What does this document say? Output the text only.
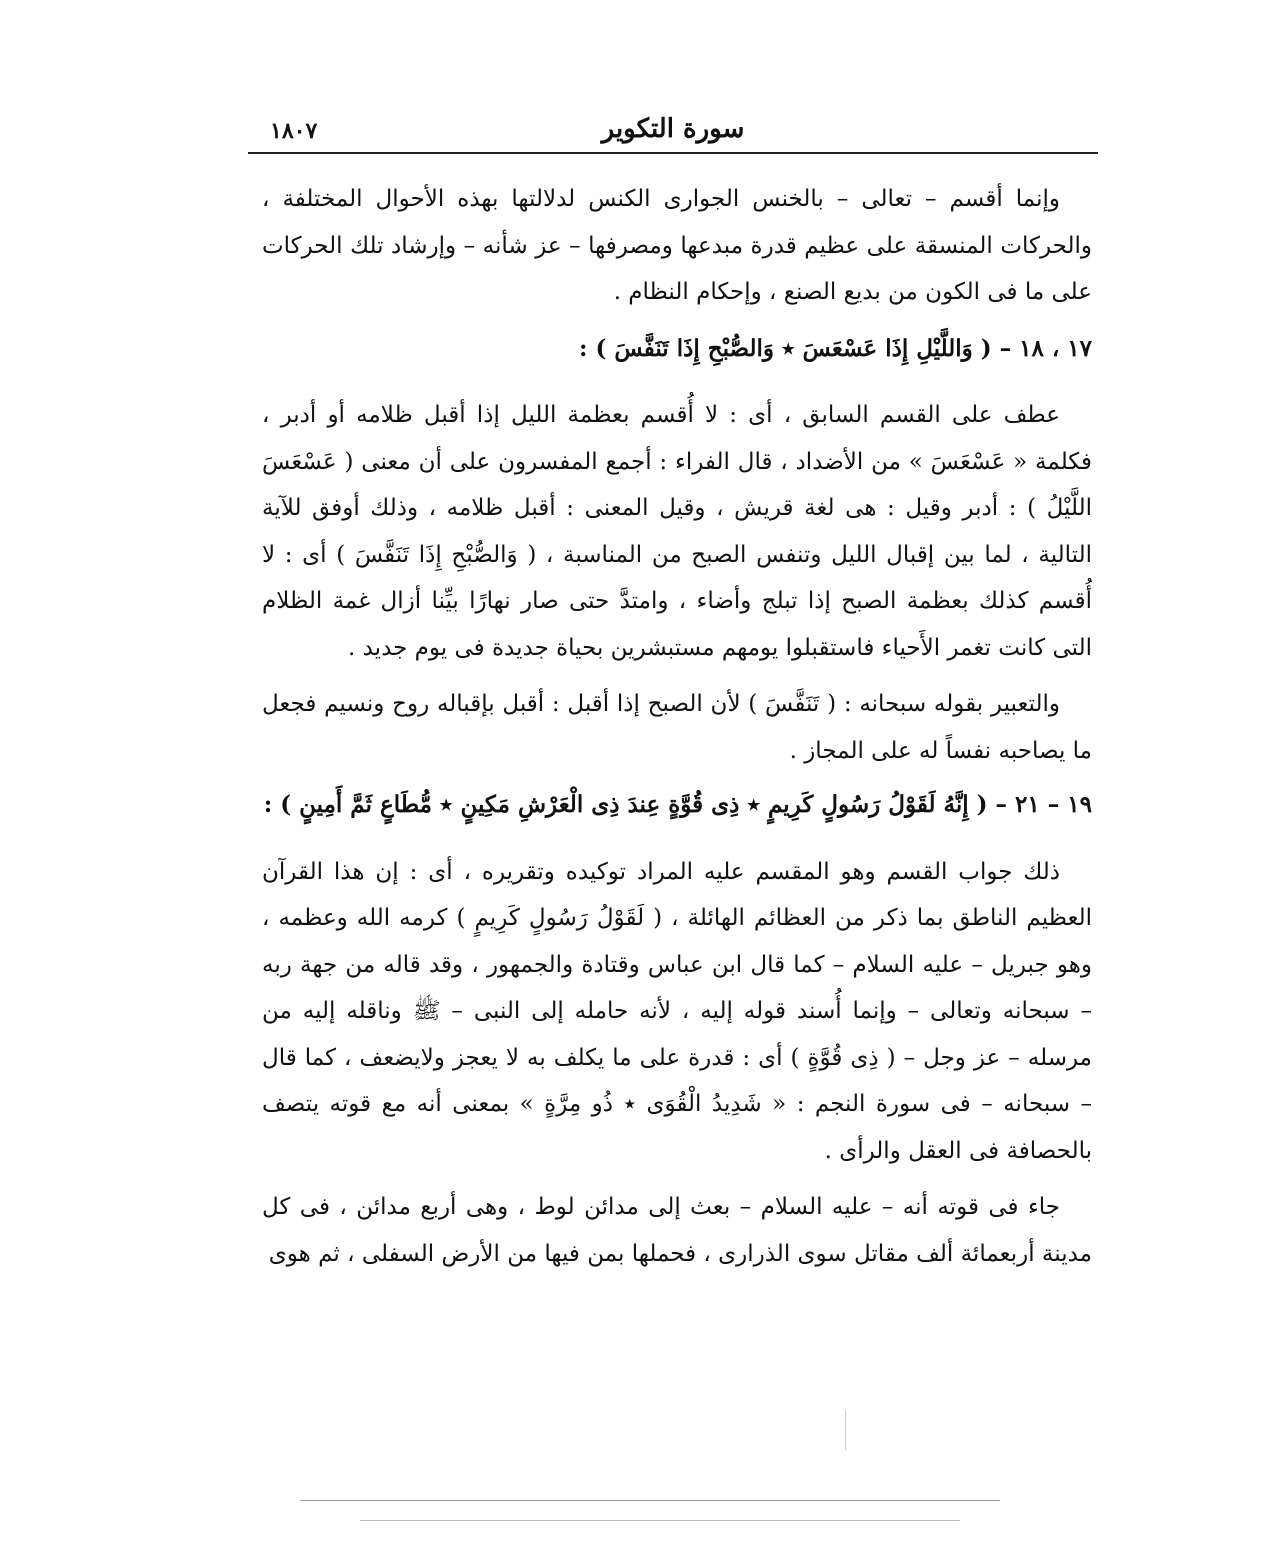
سورة التكوير
١٨٠٧

وإنما أقسم – تعالى – بالخنس الجوارى الكنس لدلالتها بهذه الأحوال المختلفة ، والحركات المنسقة على عظيم قدرة مبدعها ومصرفها – عز شأنه – وإرشاد تلك الحركات على ما فى الكون من بديع الصنع ، وإحكام النظام .

١٧ ، ١٨ – ( وَاللَّيْلِ إِذَا عَسْعَسَ ٭ وَالصُّبْحِ إِذَا تَنَفَّسَ ) :

عطف على القسم السابق ، أى : لا أُقسم بعظمة الليل إذا أقبل ظلامه أو أدبر ، فكلمة « عَسْعَسَ » من الأضداد ، قال الفراء : أجمع المفسرون على أن معنى ( عَسْعَسَ اللَّيْلُ ) : أدبر وقيل : هى لغة قريش ، وقيل المعنى : أقبل ظلامه ، وذلك أوفق للآية التالية ، لما بين إقبال الليل وتنفس الصبح من المناسبة ، ( وَالصُّبْحِ إِذَا تَنَفَّسَ ) أى : لا أُقسم كذلك بعظمة الصبح إذا تبلج وأضاء ، وامتدَّ حتى صار نهارًا بيِّنا أزال غمة الظلام التى كانت تغمر الأَحياء فاستقبلوا يومهم مستبشرين بحياة جديدة فى يوم جديد .

والتعبير بقوله سبحانه : ( تَنَفَّسَ ) لأن الصبح إذا أقبل : أقبل بإقباله روح ونسيم فجعل ما يصاحبه نفساً له على المجاز .

١٩ – ٢١ – ( إِنَّهُ لَقَوْلُ رَسُولٍ كَرِيمٍ ٭ ذِى قُوَّةٍ عِندَ ذِى الْعَرْشِ مَكِينٍ ٭ مُّطَاعٍ ثَمَّ أَمِينٍ ) :

ذلك جواب القسم وهو المقسم عليه المراد توكيده وتقريره ، أى : إن هذا القرآن العظيم الناطق بما ذكر من العظائم الهائلة ، ( لَقَوْلُ رَسُولٍ كَرِيمٍ ) كرمه الله وعظمه ، وهو جبريل – عليه السلام – كما قال ابن عباس وقتادة والجمهور ، وقد قاله من جهة ربه – سبحانه وتعالى – وإنما أُسند قوله إليه ، لأنه حامله إلى النبى – ﷺ وناقله إليه من مرسله – عز وجل – ( ذِى قُوَّةٍ ) أى : قدرة على ما يكلف به لا يعجز ولايضعف ، كما قال – سبحانه – فى سورة النجم : « شَدِيدُ الْقُوَى ٭ ذُو مِرَّةٍ » بمعنى أنه مع قوته يتصف بالحصافة فى العقل والرأى .

جاء فى قوته أنه – عليه السلام – بعث إلى مدائن لوط ، وهى أربع مدائن ، فى كل مدينة أربعمائة ألف مقاتل سوى الذرارى ، فحملها بمن فيها من الأرض السفلى ، ثم هوى
